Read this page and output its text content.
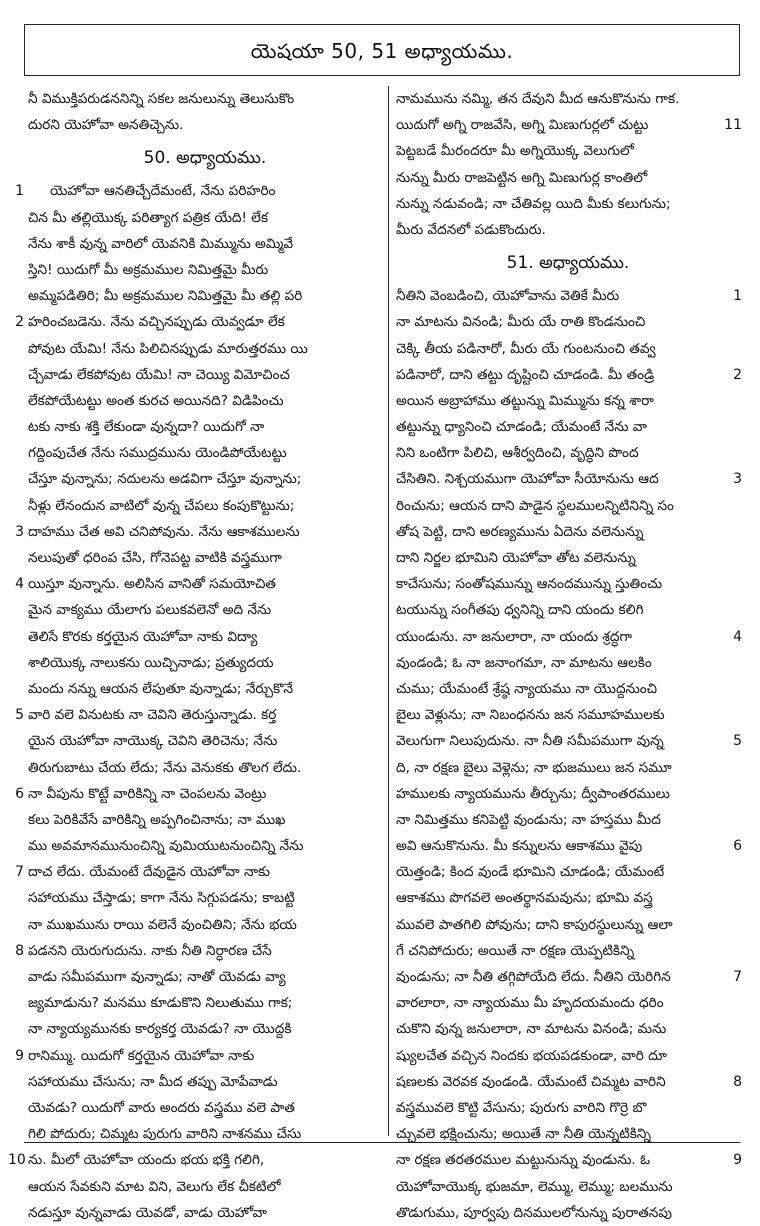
యెషయా 50, 51 అధ్యాయము.
నీ విముక్తిపరుడననిన్ని సకల జనులున్ను తెలుసుకొం
దురని యెహోవా అనతిచ్చెను.
50. అధ్యాయము.
1 యెహోవా ఆనతిచ్చేదేమంటే, నేను పరిహరిం
చిన మీ తల్లియొక్క పరిత్యాగ పత్రిక యేది! లేక
నేను శాకీ వున్న వారిలో యెవనికి మిమ్మును అమ్మివే
స్తిని! యిదుగో మీ అక్రమముల నిమిత్తమై మీరు
అమ్మపడితిరి; మీ అక్రమముల నిమిత్తమై మీ తల్లి పరి
2 హరించబడెను. నేను వచ్చినప్పుడు యెవ్వడూ లేక
పోవుట యేమి! నేను పిలిచినప్పుడు మారుత్తరము యి
చ్చేవాడు లేకపోవుట యేమి! నా చెయ్యి విమోచించ
లేకపోయేటట్టు అంత కురచ అయినది? విడిపించు
టకు నాకు శక్తి లేకుండా వున్నదా? యిదుగో నా
గద్దింపుచేత నేను సముద్రమును యెండిపోయేటట్టు
చేస్తూ వున్నాను; నదులను అడవిగా చేస్తూ వున్నాను;
నీళ్లు లేనందున వాటిలో వున్న చేపలు కంపుకొట్టును;
3 దాహము చేత అవి చనిపోవును. నేను ఆకాశములను
నలుపుతో ధరింప చేసి, గోనెపట్ట వాటికి వస్త్రముగా
4 యిస్తూ వున్నాను. అలిసిన వానితో సమయోచిత
మైన వాక్యము యేలాగు పలుకవలెనో అది నేను
తెలిసే కొరకు కర్తయైన యెహోవా నాకు విద్యా
శాలియొక్క నాలుకను యిచ్చినాడు; ప్రత్యుదయ
మందు నన్ను ఆయన లేపుతూ వున్నాడు; నేర్చుకొనే
5 వారి వలె వినుటకు నా చెవిని తెరుస్తున్నాడు. కర్త
యైన యెహోవా నాయొక్క చెవిని తెరిచెను; నేను
తిరుగుబాటు చేయ లేదు; నేను వెనుకకు తొలగ లేదు.
6 నా వీపును కొట్టే వారికిన్ని నా చెంపలను వెంట్రు
కలు పెరికివేసే వారికిన్ని అప్పగించినాను; నా ముఖ
ము అవమానమునుంచిన్ని వుమియుటనుంచిన్ని నేను
7 దాచ లేదు. యేమంటే దేవుడైన యెహోవా నాకు
సహాయము చేస్తాడు; కాగా నేను సిగ్గుపడను; కాబట్టి
నా ముఖమును రాయి వలెనే వుంచితిని; నేను భయ
8 పడనని యెరుగుదును. నాకు నీతి నిర్ధారణ చేసే
వాడు సమీపముగా వున్నాడు; నాతో యెవడు వ్యా
జ్యమాడును? మనము కూడుకొని నిలుతుము గాక;
నా న్యాయ్యమునకు కార్యకర్త యెవడు? నా యొద్దకి
9 రానిమ్ము. యిదుగో కర్తయైన యెహోవా నాకు
సహాయము చేసును; నా మీద తప్పు మోపేవాడు
యెవడు? యిదుగో వారు అందరు వస్త్రము వలె పాత
గిలి పోదురు; చిమ్మట పురుగు వారిని నాశనము చేసు
10 ను. మీలో యెహోవా యందు భయ భక్తి గలిగి,
ఆయన సేవకుని మాట విని, వెలుగు లేక చీకటిలో
నడుస్తూ వున్నవాడు యెవడో, వాడు యెహోవా
నామమును నమ్మి, తన దేవుని మీద ఆనుకొనును గాక.
11
యిదుగో అగ్ని రాజవేసి, అగ్ని మిణుగుర్లలో చుట్టు
పెట్టబడే మీరందరూ మీ అగ్నియొక్క వెలుగులో
నున్ను మీరు రాజపెట్టిన అగ్ని మిణుగుర్ల కాంతిలో
నున్ను నడువండి; నా చేతివల్ల యిది మీకు కలుగును;
మీరు వేదనలో పడుకొందురు.
51. అధ్యాయము.
1
నీతిని వెంబడించి, యెహోవాను వెతికే మీరు
నా మాటను వినండి; మీరు యే రాతి కొండనుంచి
చెక్కి తీయ పడినారో, మీరు యే గుంటనుంచి తవ్వ
2
పడినారో, దాని తట్టు దృష్టించి చూడండి. మీ తండ్రి
అయిన అబ్రాహాము తట్టున్ను మిమ్మును కన్న శారా
తట్టున్ను ధ్యానించి చూడండి; యేమంటే నేను వా
నిని ఒంటిగా పిలిచి, ఆశీర్వదించి, వృద్ధిని పొంద
3
చేసితిని. నిశ్చయముగా యెహోవా సీయోనును ఆద
రించును; ఆయన దాని పాడైన స్థలములన్నిటినిన్ని సం
తోష పెట్టి, దాని అరణ్యమును ఏదెను వలెనున్ను
దాని నిర్జల భూమిని యెహోవా తోట వలెనున్ను
కాచేసును; సంతోషమున్ను ఆనందమున్ను స్తుతించు
టయున్ను సంగీతపు ధ్వనిన్ని దాని యందు కలిగి
4
యుండును. నా జనులారా, నా యందు శ్రద్ధగా
వుండండి; ఓ నా జనాంగమా, నా మాటను ఆలకిం
చుము; యేమంటే శ్రేష్ఠ న్యాయము నా యొద్దనుంచి
బైలు వెళ్లును; నా నిబంధనను జన సమూహములకు
5
వెలుగుగా నిలుపుదును. నా నీతి సమీపముగా వున్న
ది, నా రక్షణ బైలు వెళ్లెను; నా భుజములు జన సమూ
హములకు న్యాయమును తీర్చును; ద్వీపాంతరములు
నా నిమిత్తము కనిపెట్టి వుండును; నా హస్తము మీద
6
అవి ఆనుకొనును. మీ కన్నులను ఆకాశము వైపు
యెత్తండి; కింద వుండే భూమిని చూడండి; యేమంటే
ఆకాశము పొగవలె అంతర్థానమవును; భూమి వస్త్ర
మువలె పాతగిలి పోవును; దాని కాపురస్థులున్ను ఆలా
గే చనిపోదురు; అయితే నా రక్షణ యెప్పటికిన్ని
7
వుండును; నా నీతి తగ్గిపోయేది లేదు. నీతిని యెరిగిన
వారలారా, నా న్యాయము మీ హృదయమందు ధరిం
చుకొని వున్న జనులారా, నా మాటను వినండి; మను
ష్యులచేత వచ్చిన నిందకు భయపడకుండా, వారి దూ
8
షణలకు వెరవక వుండండి. యేమంటే చిమ్మట వారిని
వస్త్రమువలె కొట్టి వేసును; పురుగు వారిని గొర్రె బొ
చ్చువలె భక్షించును; అయితే నా నీతి యెన్నటికిన్ని
9
నా రక్షణ తరతరముల మట్టునున్ను వుండును. ఓ
యెహోవాయొక్క భుజమా, లెమ్ము, లెమ్ము; బలమును
తొడుగుము, పూర్వపు దినములలోనున్ను పురాతనపు
